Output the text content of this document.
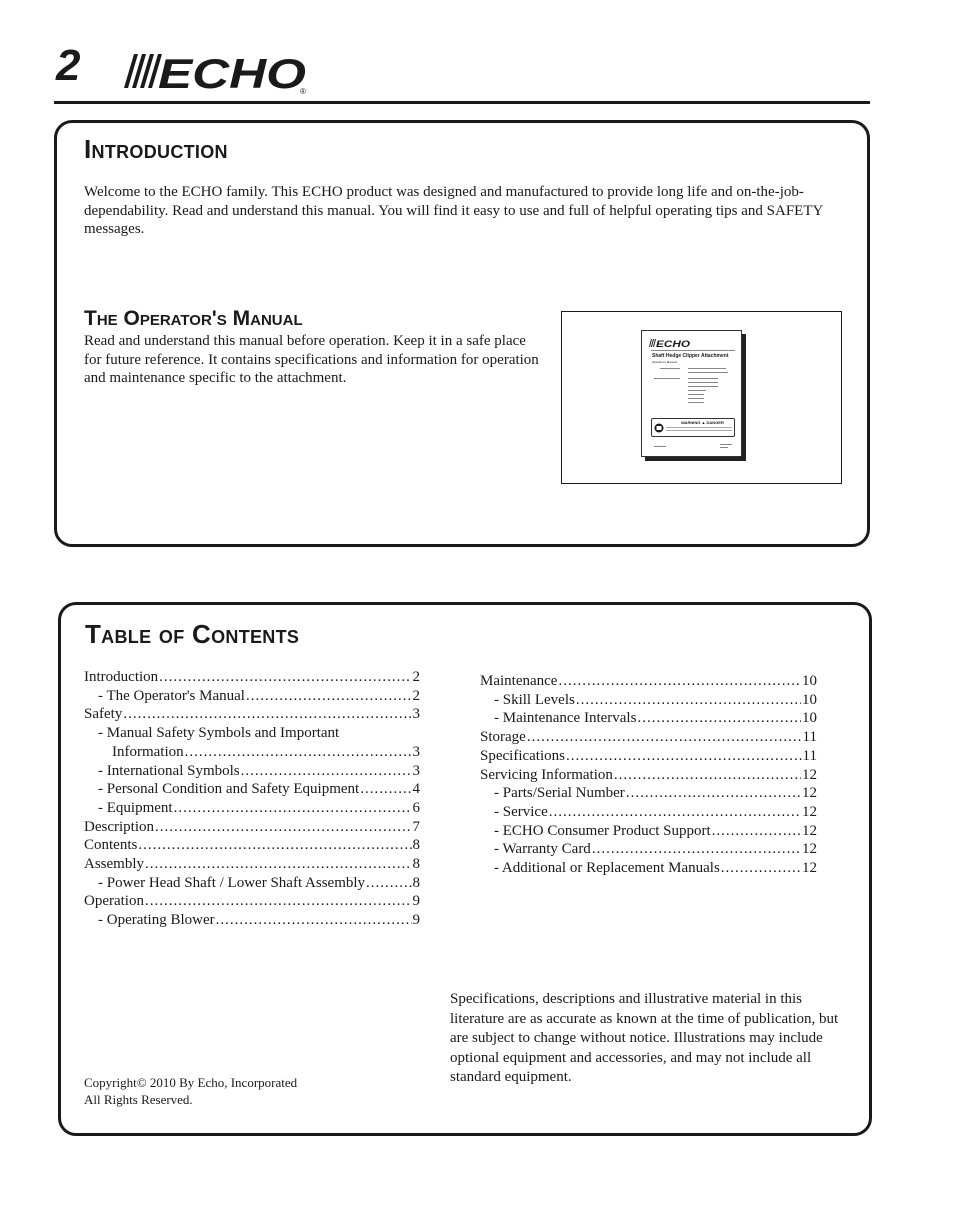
2 ECHO
®
Introduction
Welcome to the ECHO family. This ECHO product was designed and manufactured to provide long life and on-the-job-dependability. Read and understand this manual. You will find it easy to use and full of helpful operating tips and SAFETY messages.
The Operator's Manual
Read and understand this manual before operation. Keep it in a safe place for future reference. It contains specifications and information for operation and maintenance specific to the attachment.
ECHO
Shaft Hedge Clipper Attachment
Operator's Manual
WARNING ▲ DANGER
Table of Contents
Introduction .....	2
- The Operator's Manual .....	2
Safety .....	3
- Manual Safety Symbols and Important
Information .....	3
- International Symbols .....	3
- Personal Condition and Safety Equipment .....	4
- Equipment .....	6
Description .....	7
Contents .....	8
Assembly .....	8
- Power Head Shaft / Lower Shaft Assembly .....	8
Operation .....	9
- Operating Blower .....	9
Maintenance .....	10
- Skill Levels .....	10
- Maintenance Intervals .....	10
Storage .....	11
Specifications .....	11
Servicing Information .....	12
- Parts/Serial Number .....	12
- Service .....	12
- ECHO Consumer Product Support .....	12
- Warranty Card .....	12
- Additional or Replacement Manuals .....	12
Copyright© 2010 By Echo, Incorporated
All Rights Reserved.
Specifications, descriptions and illustrative material in this literature are as accurate as known at the time of publication, but are subject to change without notice. Illustrations may include optional equipment and accessories, and may not include all standard equipment.
